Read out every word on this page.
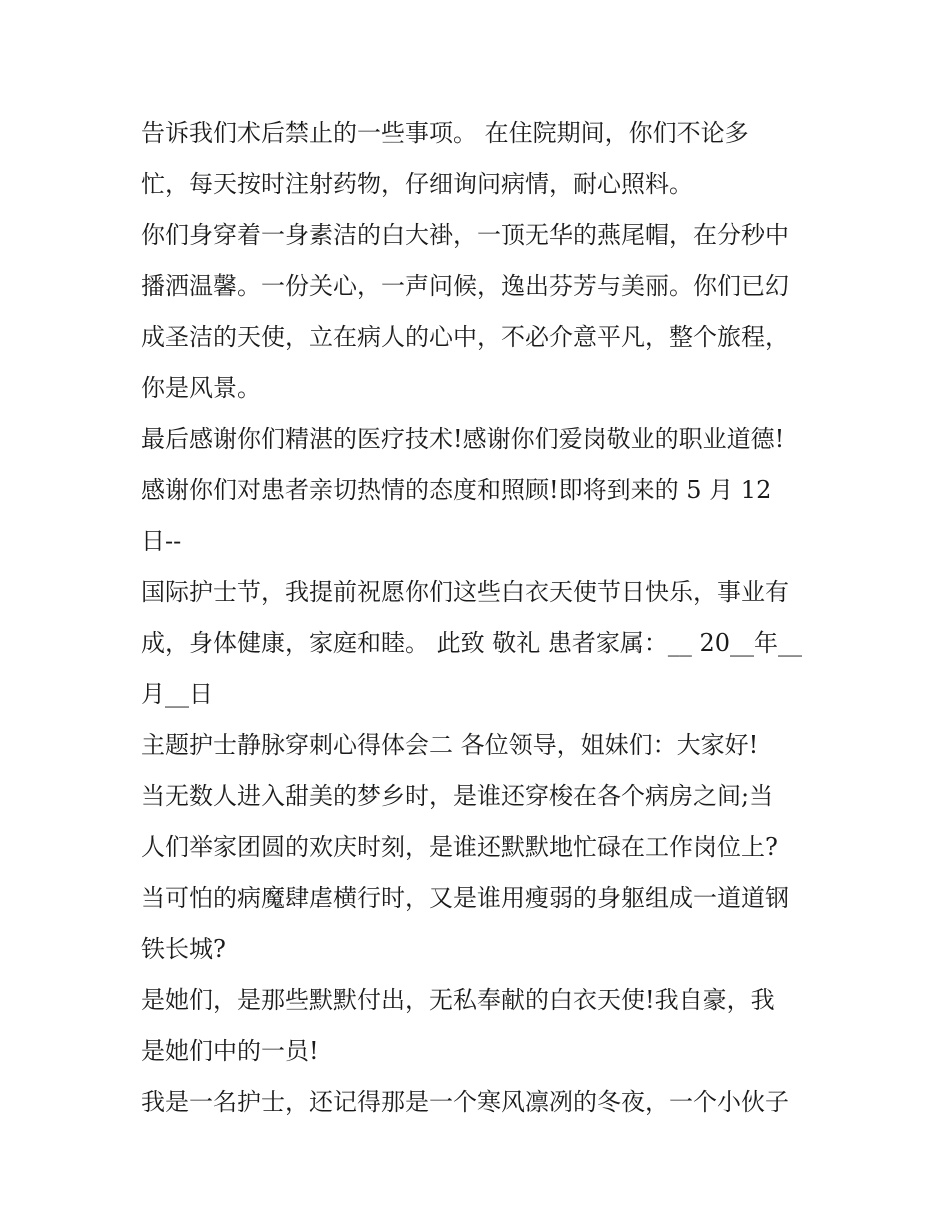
告诉我们术后禁止的一些事项。 在住院期间，你们不论多
忙，每天按时注射药物，仔细询问病情，耐心照料。
你们身穿着一身素洁的白大褂，一顶无华的燕尾帽，在分秒中
播洒温馨。一份关心，一声问候，逸出芬芳与美丽。你们已幻
成圣洁的天使，立在病人的心中，不必介意平凡，整个旅程，
你是风景。
最后感谢你们精湛的医疗技术!感谢你们爱岗敬业的职业道德!
感谢你们对患者亲切热情的态度和照顾!即将到来的 5 月 12
日--
国际护士节，我提前祝愿你们这些白衣天使节日快乐，事业有
成，身体健康，家庭和睦。 此致 敬礼 患者家属：__ 20__年__
月__日
主题护士静脉穿刺心得体会二 各位领导，姐妹们：大家好!
当无数人进入甜美的梦乡时，是谁还穿梭在各个病房之间;当
人们举家团圆的欢庆时刻，是谁还默默地忙碌在工作岗位上?
当可怕的病魔肆虐横行时，又是谁用瘦弱的身躯组成一道道钢
铁长城?
是她们，是那些默默付出，无私奉献的白衣天使!我自豪，我
是她们中的一员!
我是一名护士，还记得那是一个寒风凛冽的冬夜，一个小伙子
